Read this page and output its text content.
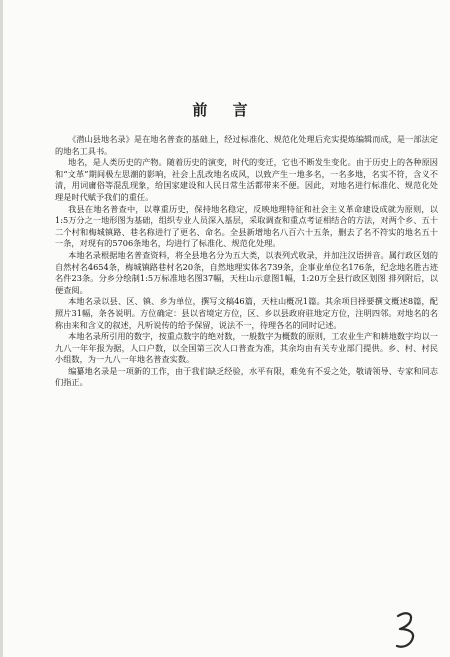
前 言

《潜山县地名录》是在地名普查的基础上，经过标准化、规范化处理后充实提炼编辑而成，是一部法定的地名工具书。

地名，是人类历史的产物。随着历史的演变，时代的变迁，它也不断发生变化。由于历史上的各种原因和“文革”期间极左思潮的影响，社会上乱改地名成风，以致产生一地多名，一名多地，名实不符，含义不清，用词庸俗等混乱现象，给国家建设和人民日常生活都带来不便。因此，对地名进行标准化、规范化处理是时代赋予我们的重任。

我县在地名普查中，以尊重历史，保持地名稳定，反映地理特征和社会主义革命建设成就为原则，以1:5万分之一地形图为基础，组织专业人员深入基层，采取调查和重点考证相结合的方法，对两个乡、五十二个村和梅城镇路、巷名称进行了更名、命名。全县新增地名八百六十五条，删去了名不符实的地名五十一条，对现有的5706条地名，均进行了标准化、规范化处理。

本地名录根据地名普查资料，将全县地名分为五大类，以表列式收录，并加注汉语拼音。属行政区划的自然村名4654条，梅城镇路巷村名20条，自然地理实体名739条，企事业单位名176条，纪念地名胜古迹名件23条。分乡分绘制1:5万标准地名图37幅，天柱山示意图1幅，1:20万全县行政区划图 排列附后，以便查阅。

本地名录以县、区、镇、乡为单位，撰写文稿46篇，天柱山概况1篇。其余项目择要撰文概述8篇，配照片31幅，条各说明。方位确定：县以省境定方位，区、乡以县政府驻地定方位，注明四邻。对地名的名称由来和含义的叙述，凡听说传的给予保留，说法不一，待理各名的同时记述。

本地名录所引用的数字，按重点数字的绝对数，一般数字为概数的原则，工农业生产和耕地数字均以一九八一年年报为据，人口户数，以全国第三次人口普查为准，其余均由有关专业部门提供。乡、村、村民小组数，为一九八一年地名普查实数。

编纂地名录是一项新的工作，由于我们缺乏经验，水平有限，难免有不妥之处，敬请领导、专家和同志们指正。
